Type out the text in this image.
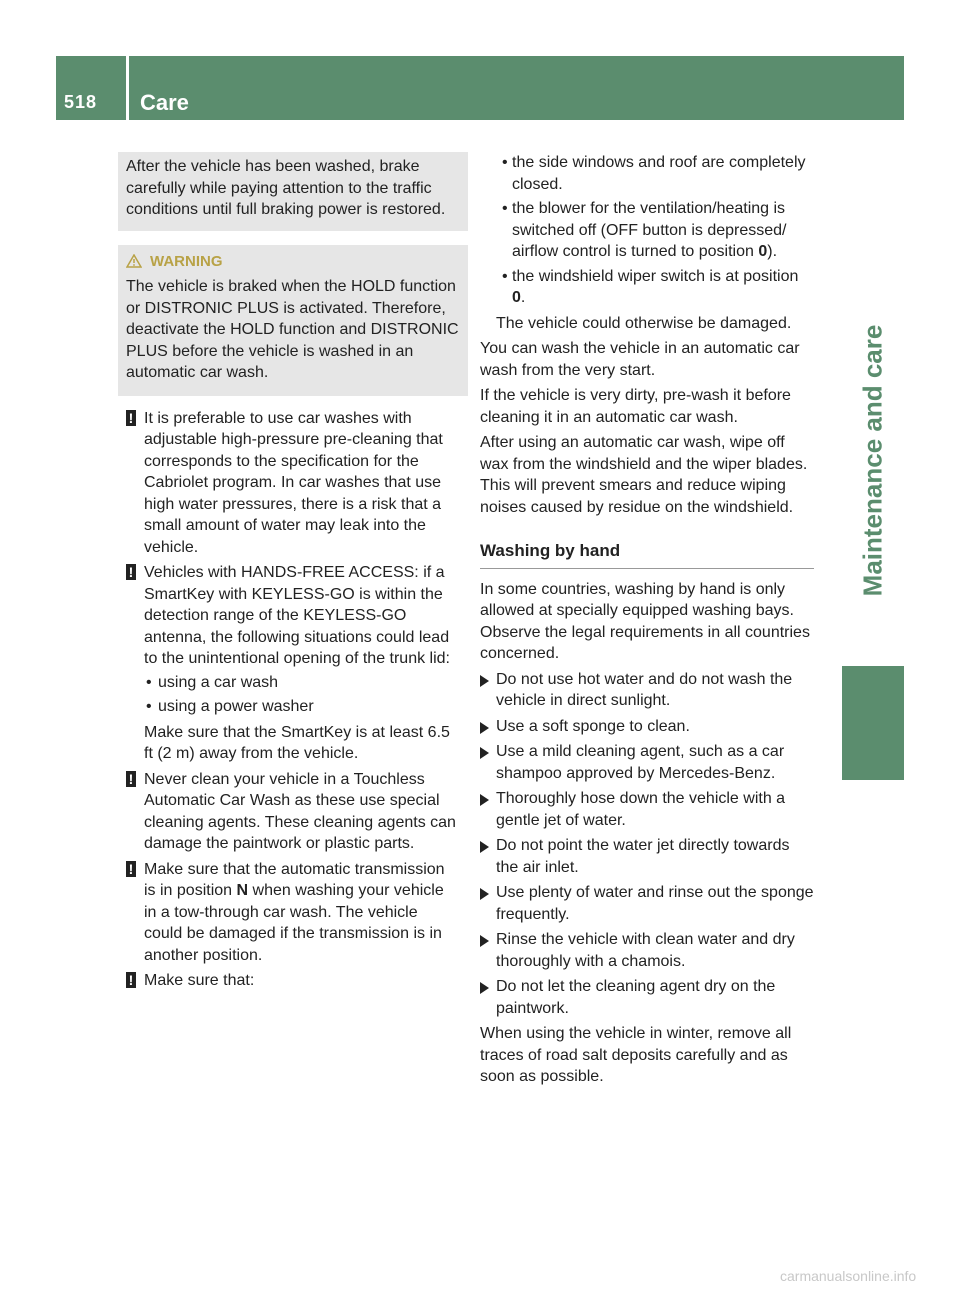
518 Care
Maintenance and care

After the vehicle has been washed, brake carefully while paying attention to the traffic conditions until full braking power is restored.

WARNING

The vehicle is braked when the HOLD function or DISTRONIC PLUS is activated. Therefore, deactivate the HOLD function and DISTRONIC PLUS before the vehicle is washed in an automatic car wash.

! It is preferable to use car washes with adjustable high-pressure pre-cleaning that corresponds to the specification for the Cabriolet program. In car washes that use high water pressures, there is a risk that a small amount of water may leak into the vehicle.
! Vehicles with HANDS-FREE ACCESS: if a SmartKey with KEYLESS-GO is within the detection range of the KEYLESS-GO antenna, the following situations could lead to the unintentional opening of the trunk lid:
• using a car wash
• using a power washer

Make sure that the SmartKey is at least 6.5 ft (2 m) away from the vehicle.

! Never clean your vehicle in a Touchless Automatic Car Wash as these use special cleaning agents. These cleaning agents can damage the paintwork or plastic parts.
! Make sure that the automatic transmission is in position N when washing your vehicle in a tow-through car wash. The vehicle could be damaged if the transmission is in another position.
! Make sure that:
• the side windows and roof are completely closed.
• the blower for the ventilation/heating is switched off (OFF button is depressed/ airflow control is turned to position 0).
• the windshield wiper switch is at position 0.

The vehicle could otherwise be damaged.

You can wash the vehicle in an automatic car wash from the very start.

If the vehicle is very dirty, pre-wash it before cleaning it in an automatic car wash.

After using an automatic car wash, wipe off wax from the windshield and the wiper blades. This will prevent smears and reduce wiping noises caused by residue on the windshield.

Washing by hand

In some countries, washing by hand is only allowed at specially equipped washing bays. Observe the legal requirements in all countries concerned.

Do not use hot water and do not wash the vehicle in direct sunlight.
Use a soft sponge to clean.
Use a mild cleaning agent, such as a car shampoo approved by Mercedes-Benz.
Thoroughly hose down the vehicle with a gentle jet of water.
Do not point the water jet directly towards the air inlet.
Use plenty of water and rinse out the sponge frequently.
Rinse the vehicle with clean water and dry thoroughly with a chamois.
Do not let the cleaning agent dry on the paintwork.

When using the vehicle in winter, remove all traces of road salt deposits carefully and as soon as possible.

carmanualsonline.info
